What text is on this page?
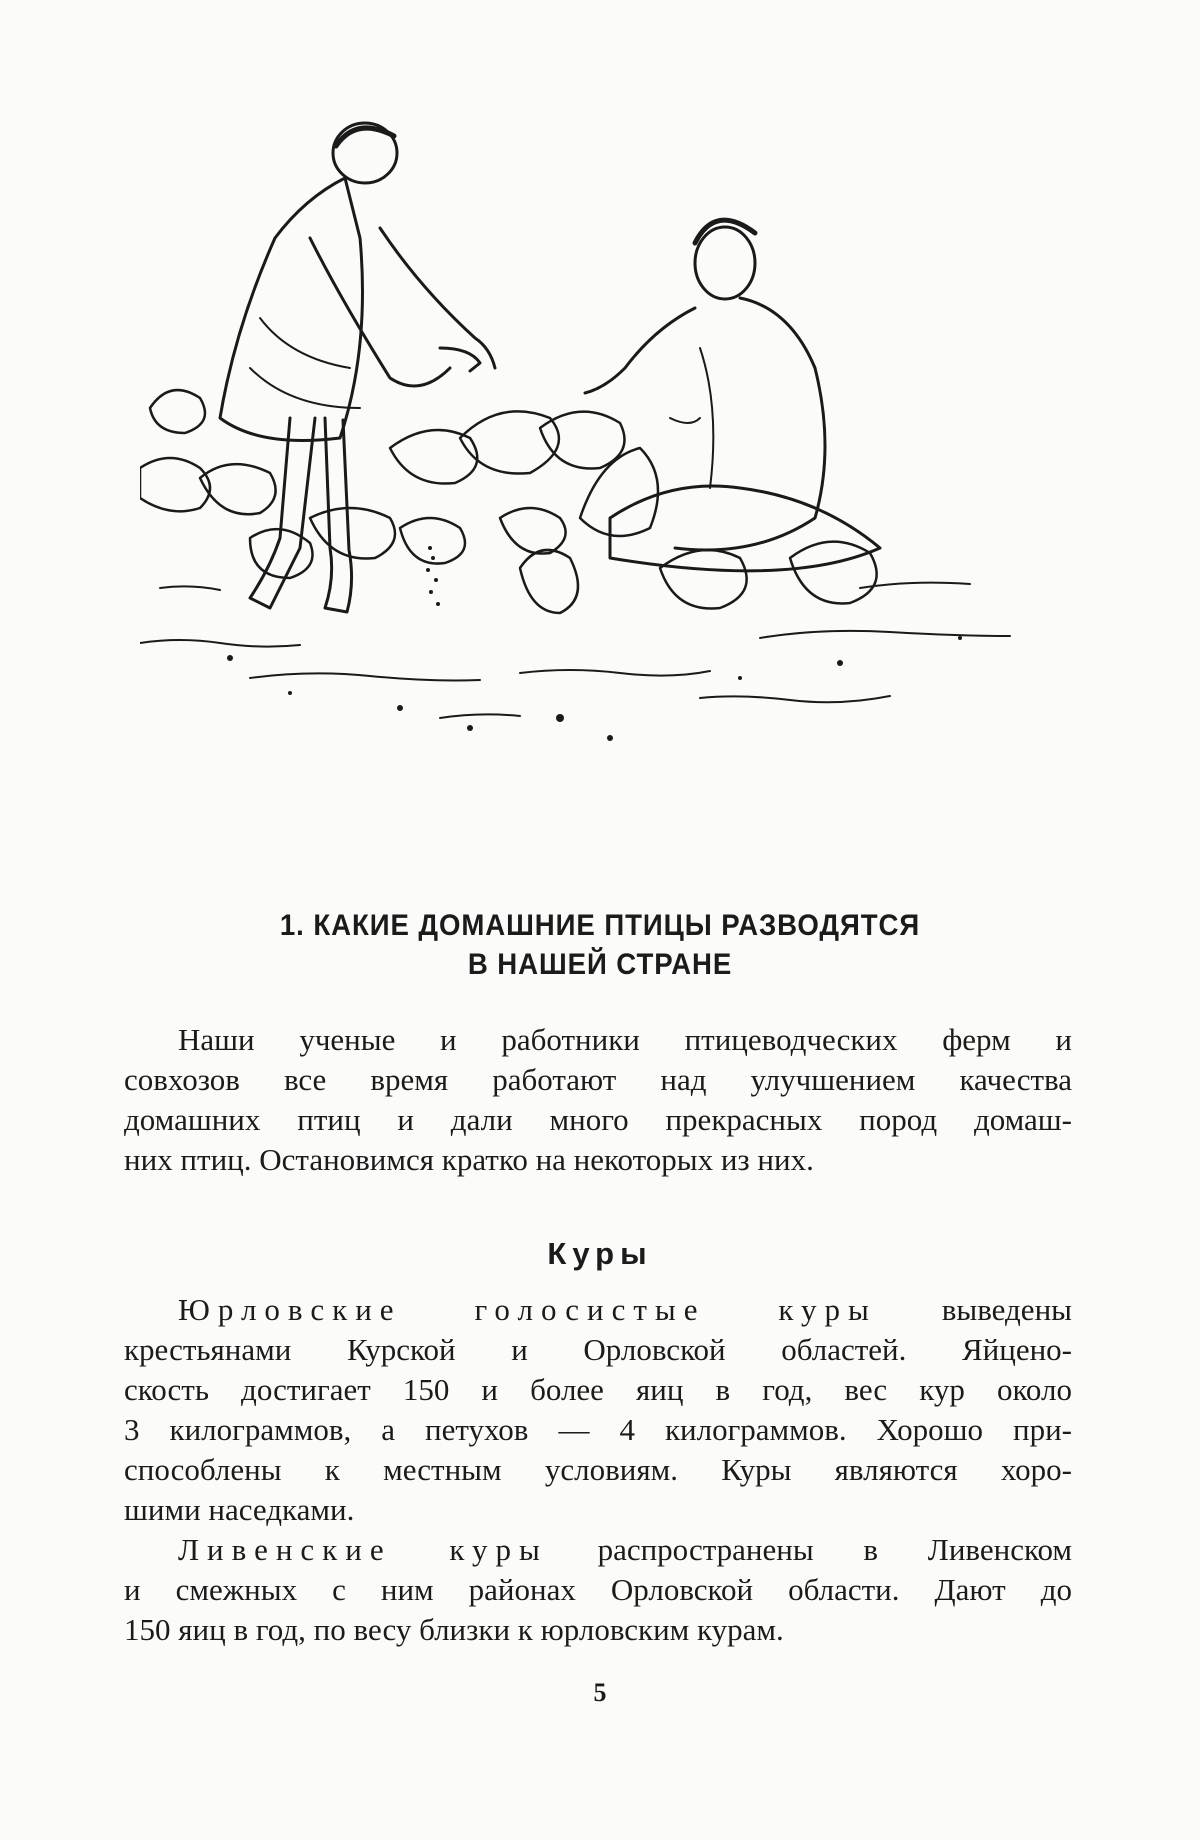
1. КАКИЕ ДОМАШНИЕ ПТИЦЫ РАЗВОДЯТСЯ
В НАШЕЙ СТРАНЕ
Наши ученые и работники птицеводческих ферм и
совхозов все время работают над улучшением качества
домашних птиц и дали много прекрасных пород домаш-
них птиц. Остановимся кратко на некоторых из них.
Куры
Юрловские голосистые куры выведены
крестьянами Курской и Орловской областей. Яйцено-
скость достигает 150 и более яиц в год, вес кур около
3 килограммов, а петухов — 4 килограммов. Хорошо при-
способлены к местным условиям. Куры являются хоро-
шими наседками.
Ливенские куры распространены в Ливенском
и смежных с ним районах Орловской области. Дают до
150 яиц в год, по весу близки к юрловским курам.
5
